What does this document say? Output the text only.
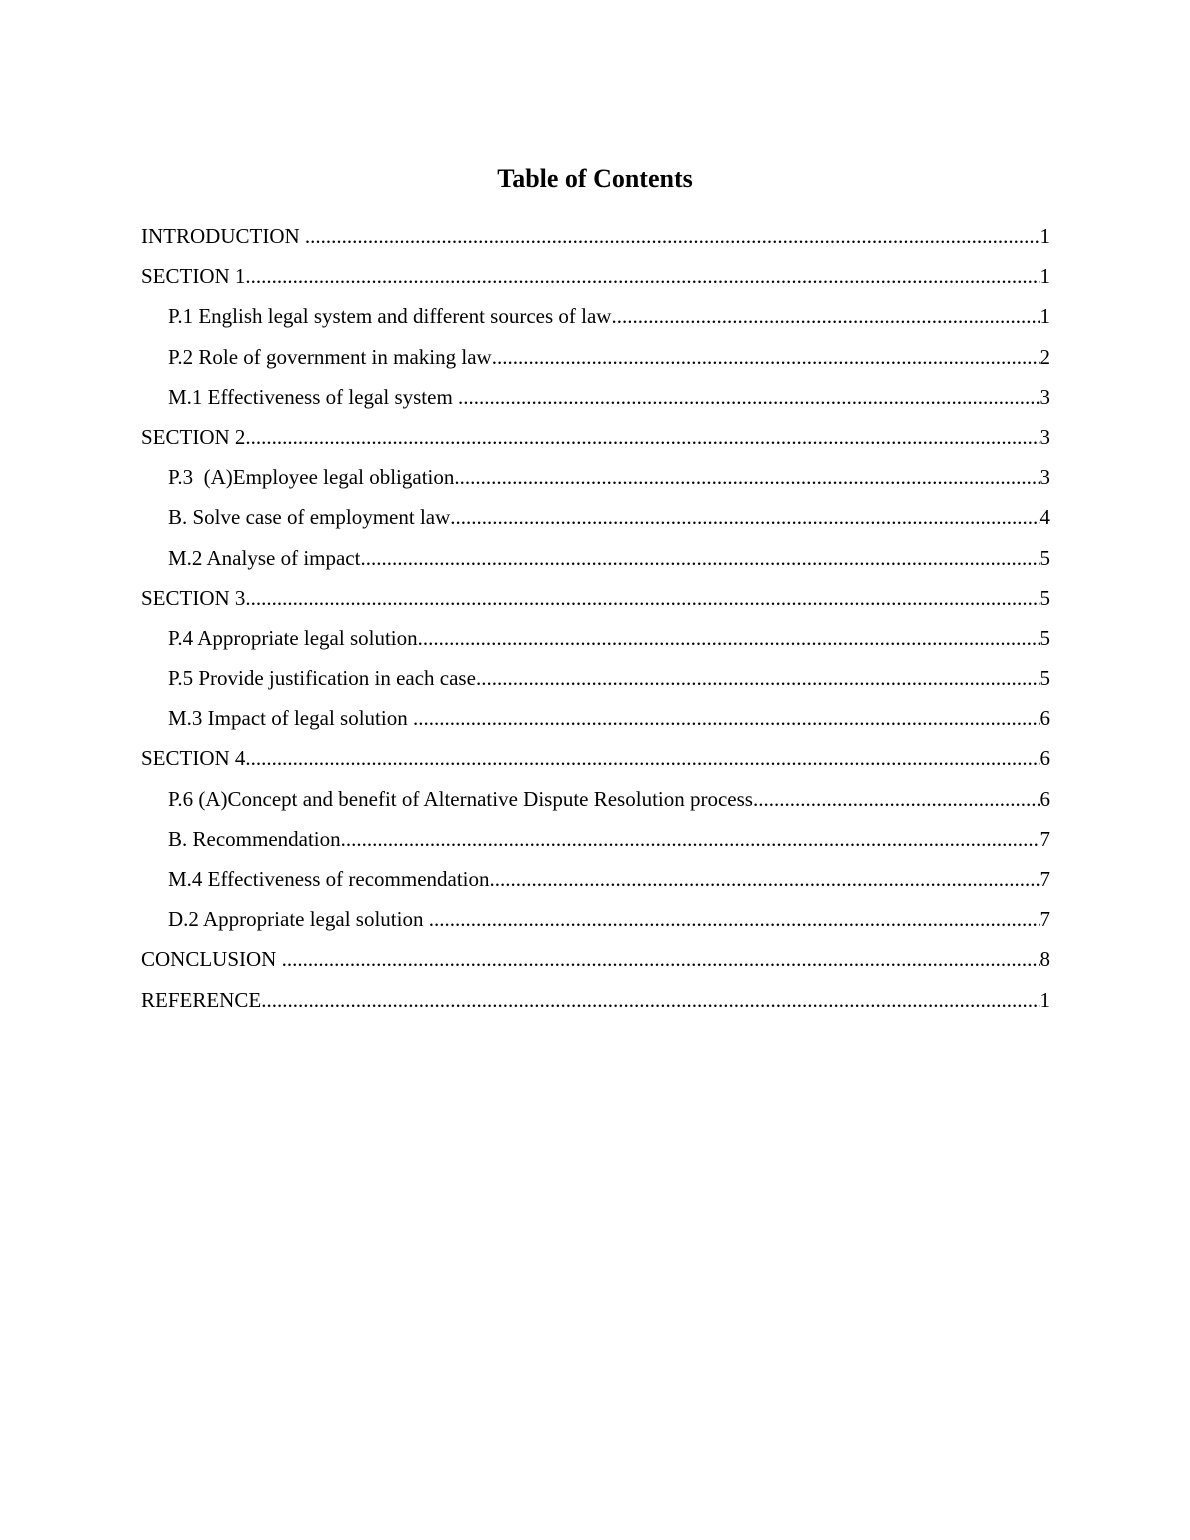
Table of Contents
INTRODUCTION .....	1
SECTION 1 .....	1
P.1 English legal system and different sources of law .....	1
P.2 Role of government in making law .....	2
M.1 Effectiveness of legal system .....	3
SECTION 2 .....	3
P.3  (A)Employee legal obligation .....	3
B. Solve case of employment law .....	4
M.2 Analyse of impact .....	5
SECTION 3 .....	5
P.4 Appropriate legal solution .....	5
P.5 Provide justification in each case .....	5
M.3 Impact of legal solution .....	6
SECTION 4 .....	6
P.6 (A)Concept and benefit of Alternative Dispute Resolution process .....	6
B. Recommendation .....	7
M.4 Effectiveness of recommendation .....	7
D.2 Appropriate legal solution .....	7
CONCLUSION .....	8
REFERENCE .....	1
